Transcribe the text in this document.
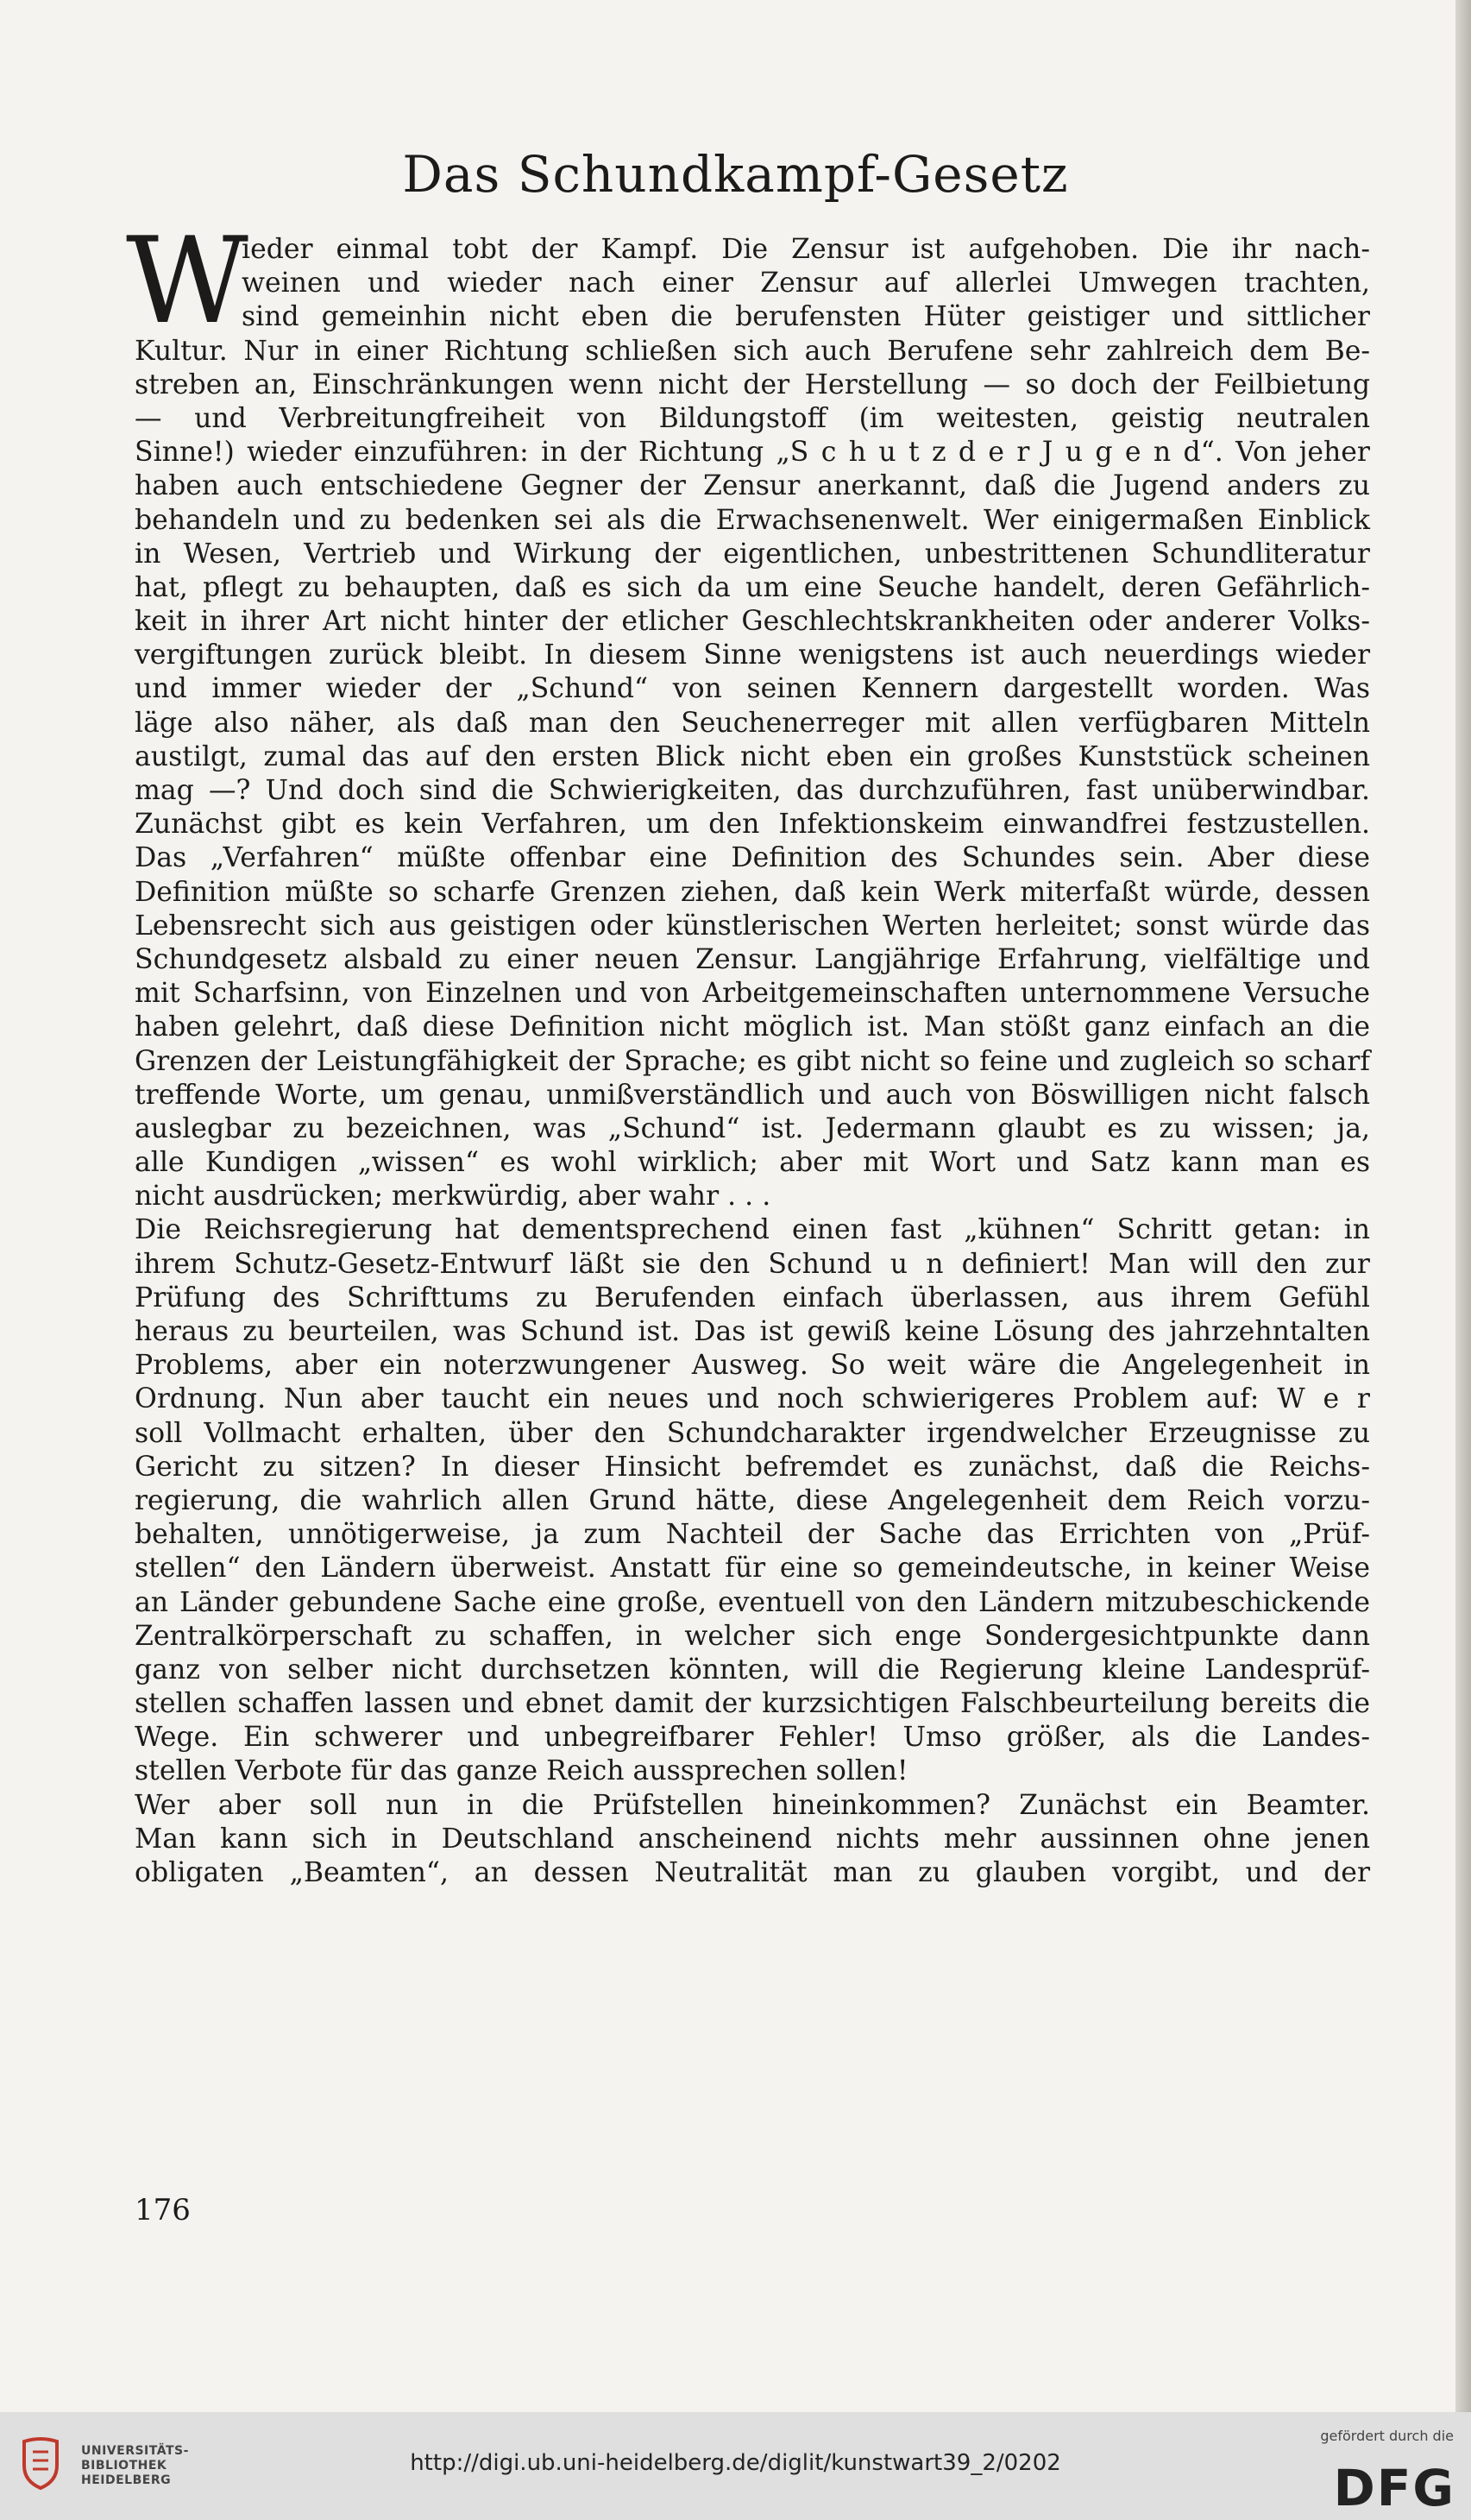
Das Schundkampf-Gesetz
W
ieder einmal tobt der Kampf. Die Zensur ist aufgehoben. Die ihr nach-
weinen und wieder nach einer Zensur auf allerlei Umwegen trachten,
sind gemeinhin nicht eben die berufensten Hüter geistiger und sittlicher
Kultur. Nur in einer Richtung schließen sich auch Berufene sehr zahlreich dem Be-
streben an, Einschränkungen wenn nicht der Herstellung — so doch der Feilbietung
— und Verbreitungfreiheit von Bildungstoff (im weitesten, geistig neutralen
Sinne!) wieder einzuführen: in der Richtung „S c h u t z d e r J u g e n d“. Von jeher
haben auch entschiedene Gegner der Zensur anerkannt, daß die Jugend anders zu
behandeln und zu bedenken sei als die Erwachsenenwelt. Wer einigermaßen Einblick
in Wesen, Vertrieb und Wirkung der eigentlichen, unbestrittenen Schundliteratur
hat, pflegt zu behaupten, daß es sich da um eine Seuche handelt, deren Gefährlich-
keit in ihrer Art nicht hinter der etlicher Geschlechtskrankheiten oder anderer Volks-
vergiftungen zurück bleibt. In diesem Sinne wenigstens ist auch neuerdings wieder
und immer wieder der „Schund“ von seinen Kennern dargestellt worden. Was
läge also näher, als daß man den Seuchenerreger mit allen verfügbaren Mitteln
austilgt, zumal das auf den ersten Blick nicht eben ein großes Kunststück scheinen
mag —? Und doch sind die Schwierigkeiten, das durchzuführen, fast unüberwindbar.
Zunächst gibt es kein Verfahren, um den Infektionskeim einwandfrei festzustellen.
Das „Verfahren“ müßte offenbar eine Definition des Schundes sein. Aber diese
Definition müßte so scharfe Grenzen ziehen, daß kein Werk miterfaßt würde, dessen
Lebensrecht sich aus geistigen oder künstlerischen Werten herleitet; sonst würde das
Schundgesetz alsbald zu einer neuen Zensur. Langjährige Erfahrung, vielfältige und
mit Scharfsinn, von Einzelnen und von Arbeitgemeinschaften unternommene Versuche
haben gelehrt, daß diese Definition nicht möglich ist. Man stößt ganz einfach an die
Grenzen der Leistungfähigkeit der Sprache; es gibt nicht so feine und zugleich so scharf
treffende Worte, um genau, unmißverständlich und auch von Böswilligen nicht falsch
auslegbar zu bezeichnen, was „Schund“ ist. Jedermann glaubt es zu wissen; ja,
alle Kundigen „wissen“ es wohl wirklich; aber mit Wort und Satz kann man es
nicht ausdrücken; merkwürdig, aber wahr . . .
Die Reichsregierung hat dementsprechend einen fast „kühnen“ Schritt getan: in
ihrem Schutz-Gesetz-Entwurf läßt sie den Schund u n definiert! Man will den zur
Prüfung des Schrifttums zu Berufenden einfach überlassen, aus ihrem Gefühl
heraus zu beurteilen, was Schund ist. Das ist gewiß keine Lösung des jahrzehntalten
Problems, aber ein noterzwungener Ausweg. So weit wäre die Angelegenheit in
Ordnung. Nun aber taucht ein neues und noch schwierigeres Problem auf: W e r
soll Vollmacht erhalten, über den Schundcharakter irgendwelcher Erzeugnisse zu
Gericht zu sitzen? In dieser Hinsicht befremdet es zunächst, daß die Reichs-
regierung, die wahrlich allen Grund hätte, diese Angelegenheit dem Reich vorzu-
behalten, unnötigerweise, ja zum Nachteil der Sache das Errichten von „Prüf-
stellen“ den Ländern überweist. Anstatt für eine so gemeindeutsche, in keiner Weise
an Länder gebundene Sache eine große, eventuell von den Ländern mitzubeschickende
Zentralkörperschaft zu schaffen, in welcher sich enge Sondergesichtpunkte dann
ganz von selber nicht durchsetzen könnten, will die Regierung kleine Landesprüf-
stellen schaffen lassen und ebnet damit der kurzsichtigen Falschbeurteilung bereits die
Wege. Ein schwerer und unbegreifbarer Fehler! Umso größer, als die Landes-
stellen Verbote für das ganze Reich aussprechen sollen!
Wer aber soll nun in die Prüfstellen hineinkommen? Zunächst ein Beamter.
Man kann sich in Deutschland anscheinend nichts mehr aussinnen ohne jenen
obligaten „Beamten“, an dessen Neutralität man zu glauben vorgibt, und der

176

UNIVERSITÄTS-
BIBLIOTHEK
HEIDELBERG
http://digi.ub.uni-heidelberg.de/diglit/kunstwart39_2/0202
gefördert durch die
DFG
